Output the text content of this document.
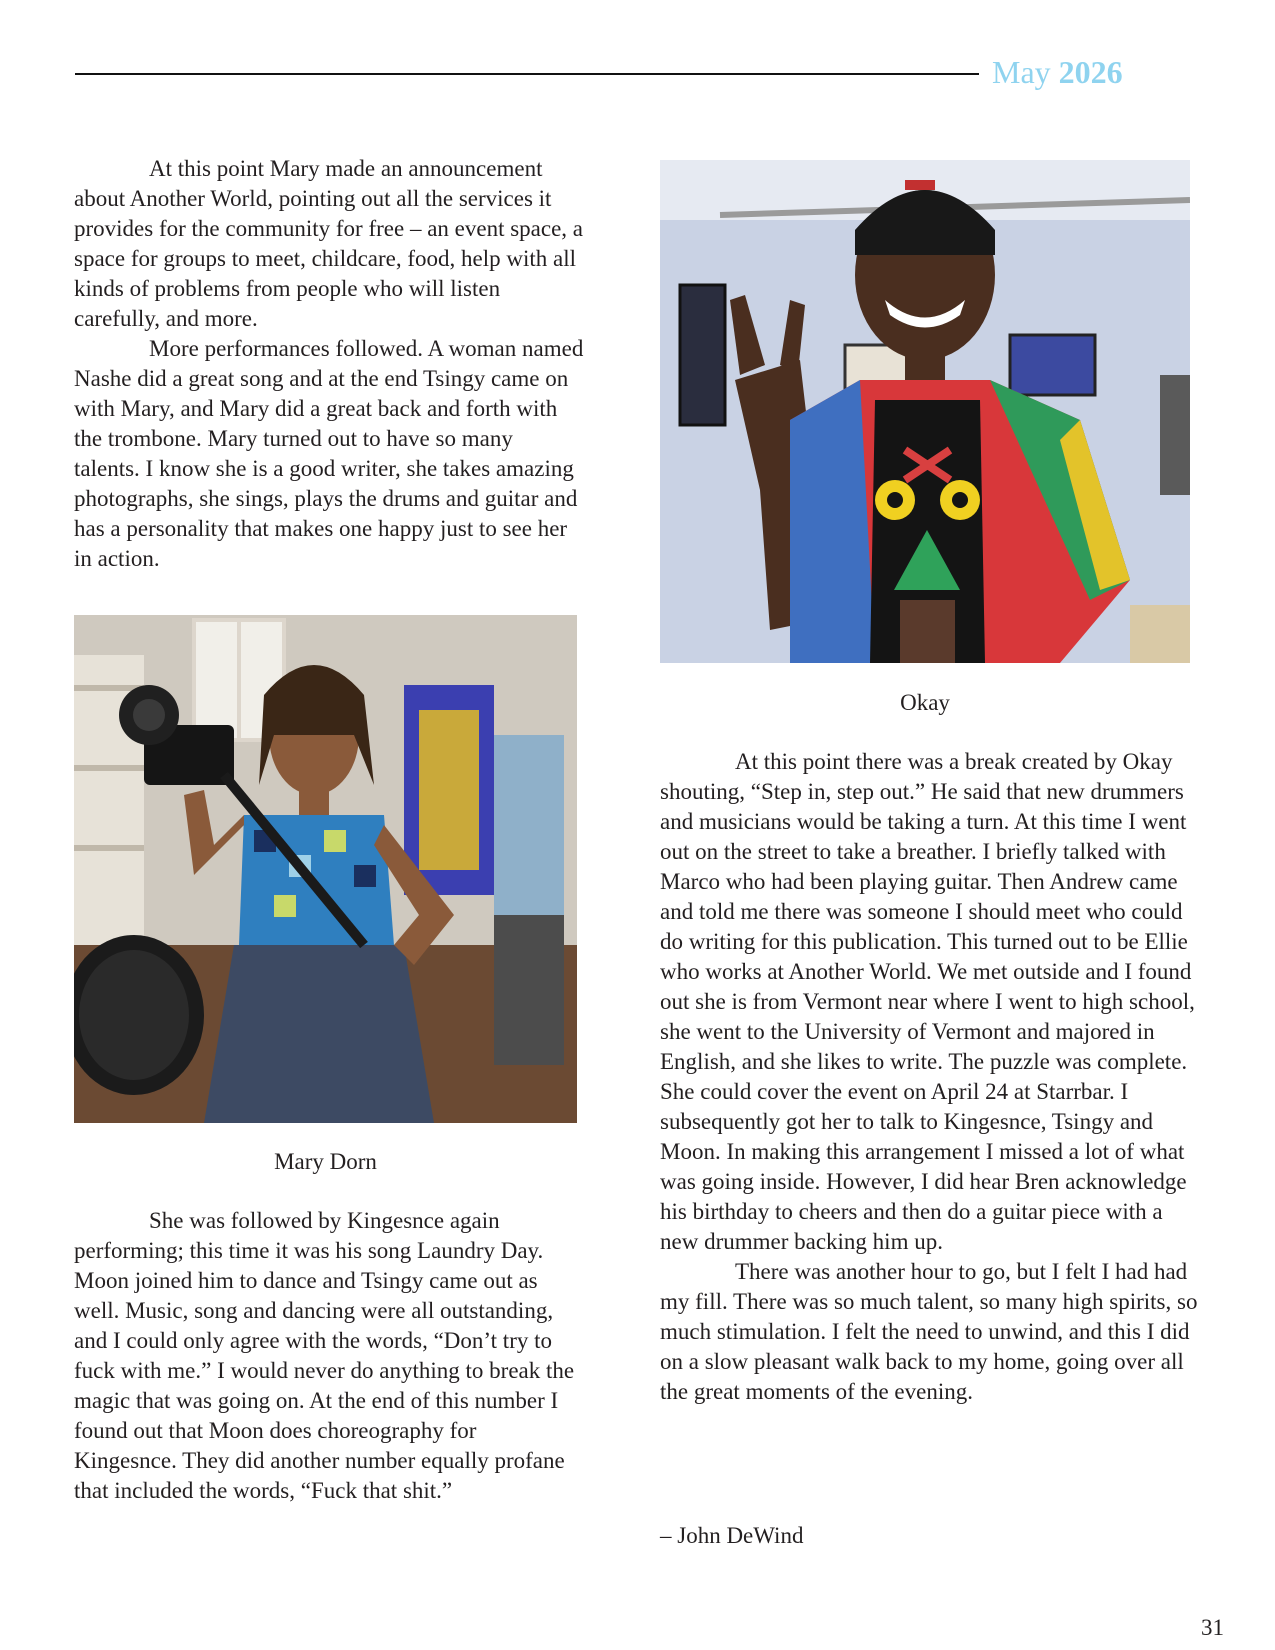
May 2026

At this point Mary made an announcement about Another World, pointing out all the services it provides for the community for free – an event space, a space for groups to meet, childcare, food, help with all kinds of problems from people who will listen carefully, and more.

More performances followed. A woman named Nashe did a great song and at the end Tsingy came on with Mary, and Mary did a great back and forth with the trombone. Mary turned out to have so many talents. I know she is a good writer, she takes amazing photographs, she sings, plays the drums and guitar and has a personality that makes one happy just to see her in action.

Mary Dorn

She was followed by Kingesnce again performing; this time it was his song Laundry Day. Moon joined him to dance and Tsingy came out as well. Music, song and dancing were all outstanding, and I could only agree with the words, “Don’t try to fuck with me.” I would never do anything to break the magic that was going on. At the end of this number I found out that Moon does choreography for Kingesnce. They did another number equally profane that included the words, “Fuck that shit.”

Okay

At this point there was a break created by Okay shouting, “Step in, step out.” He said that new drummers and musicians would be taking a turn. At this time I went out on the street to take a breather. I briefly talked with Marco who had been playing guitar. Then Andrew came and told me there was someone I should meet who could do writing for this publication. This turned out to be Ellie who works at Another World. We met outside and I found out she is from Vermont near where I went to high school, she went to the University of Vermont and majored in English, and she likes to write. The puzzle was complete. She could cover the event on April 24 at Starrbar. I subsequently got her to talk to Kingesnce, Tsingy and Moon. In making this arrangement I missed a lot of what was going inside. However, I did hear Bren acknowledge his birthday to cheers and then do a guitar piece with a new drummer backing him up.

There was another hour to go, but I felt I had had my fill. There was so much talent, so many high spirits, so much stimulation. I felt the need to unwind, and this I did on a slow pleasant walk back to my home, going over all the great moments of the evening.

– John DeWind
31
